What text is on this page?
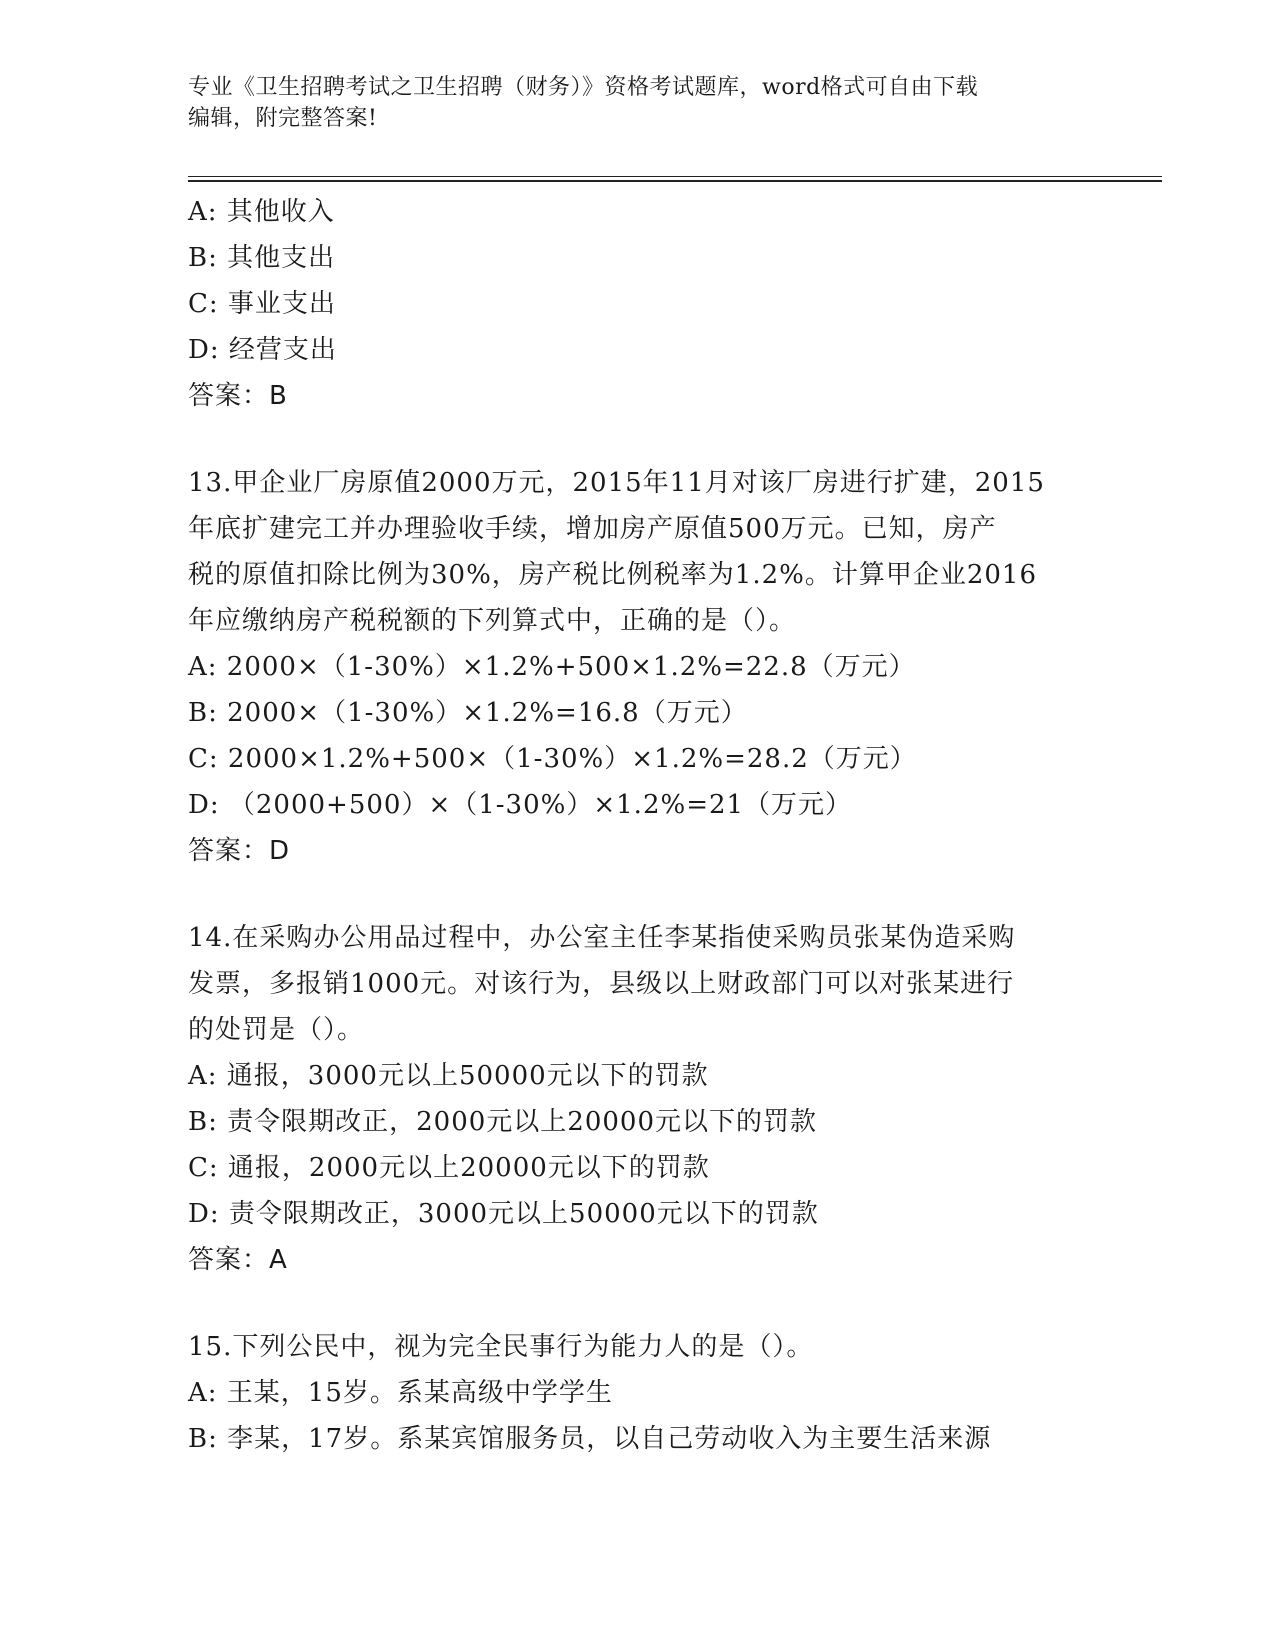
专业《卫生招聘考试之卫生招聘（财务）》资格考试题库，word格式可自由下载
编辑，附完整答案!
A: 其他收入
B: 其他支出
C: 事业支出
D: 经营支出
答案：B
13.甲企业厂房原值2000万元，2015年11月对该厂房进行扩建，2015
年底扩建完工并办理验收手续，增加房产原值500万元。已知，房产
税的原值扣除比例为30%，房产税比例税率为1.2%。计算甲企业2016
年应缴纳房产税税额的下列算式中，正确的是（）。
A: 2000×（1-30%）×1.2%+500×1.2%=22.8（万元）
B: 2000×（1-30%）×1.2%=16.8（万元）
C: 2000×1.2%+500×（1-30%）×1.2%=28.2（万元）
D: （2000+500）×（1-30%）×1.2%=21（万元）
答案：D
14.在采购办公用品过程中，办公室主任李某指使采购员张某伪造采购
发票，多报销1000元。对该行为，县级以上财政部门可以对张某进行
的处罚是（）。
A: 通报，3000元以上50000元以下的罚款
B: 责令限期改正，2000元以上20000元以下的罚款
C: 通报，2000元以上20000元以下的罚款
D: 责令限期改正，3000元以上50000元以下的罚款
答案：A
15.下列公民中，视为完全民事行为能力人的是（）。
A: 王某，15岁。系某高级中学学生
B: 李某，17岁。系某宾馆服务员，以自己劳动收入为主要生活来源
